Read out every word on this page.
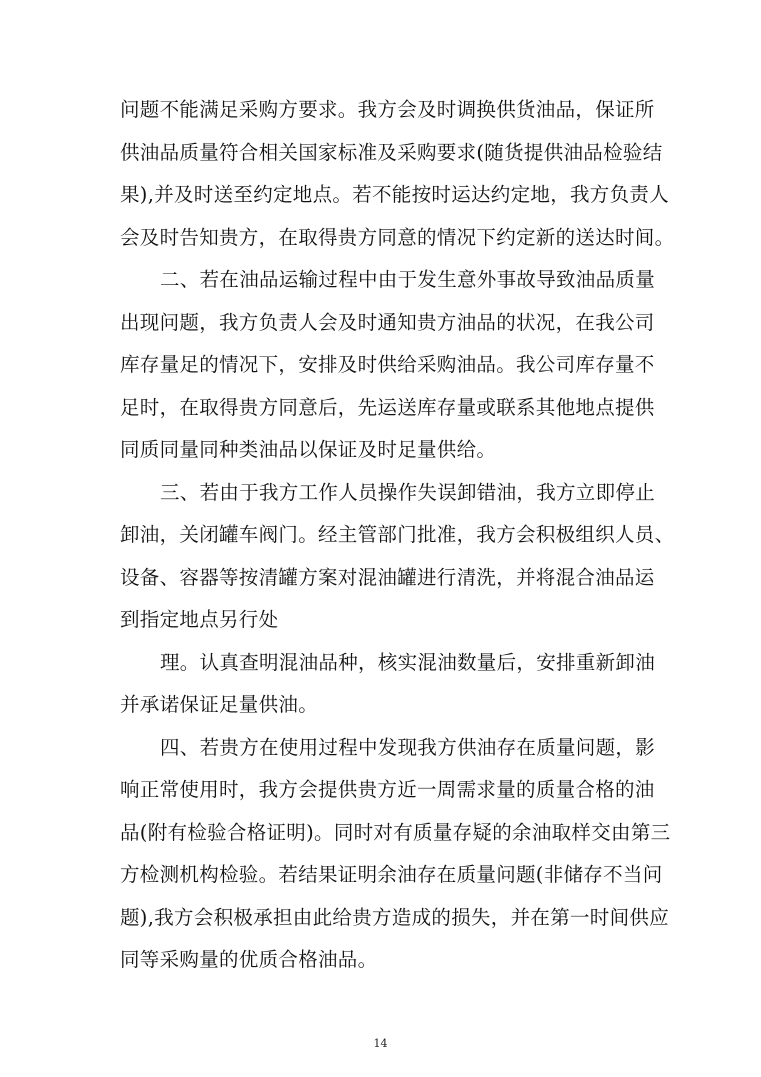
问题不能满足采购方要求。我方会及时调换供货油品，保证所
供油品质量符合相关国家标准及采购要求(随货提供油品检验结
果),并及时送至约定地点。若不能按时运达约定地，我方负责人
会及时告知贵方，在取得贵方同意的情况下约定新的送达时间。
二、若在油品运输过程中由于发生意外事故导致油品质量
出现问题，我方负责人会及时通知贵方油品的状况，在我公司
库存量足的情况下，安排及时供给采购油品。我公司库存量不
足时，在取得贵方同意后，先运送库存量或联系其他地点提供
同质同量同种类油品以保证及时足量供给。
三、若由于我方工作人员操作失误卸错油，我方立即停止
卸油，关闭罐车阀门。经主管部门批准，我方会积极组织人员、
设备、容器等按清罐方案对混油罐进行清洗，并将混合油品运
到指定地点另行处
理。认真查明混油品种，核实混油数量后，安排重新卸油
并承诺保证足量供油。
四、若贵方在使用过程中发现我方供油存在质量问题，影
响正常使用时，我方会提供贵方近一周需求量的质量合格的油
品(附有检验合格证明)。同时对有质量存疑的余油取样交由第三
方检测机构检验。若结果证明余油存在质量问题(非储存不当问
题),我方会积极承担由此给贵方造成的损失，并在第一时间供应
同等采购量的优质合格油品。
14
